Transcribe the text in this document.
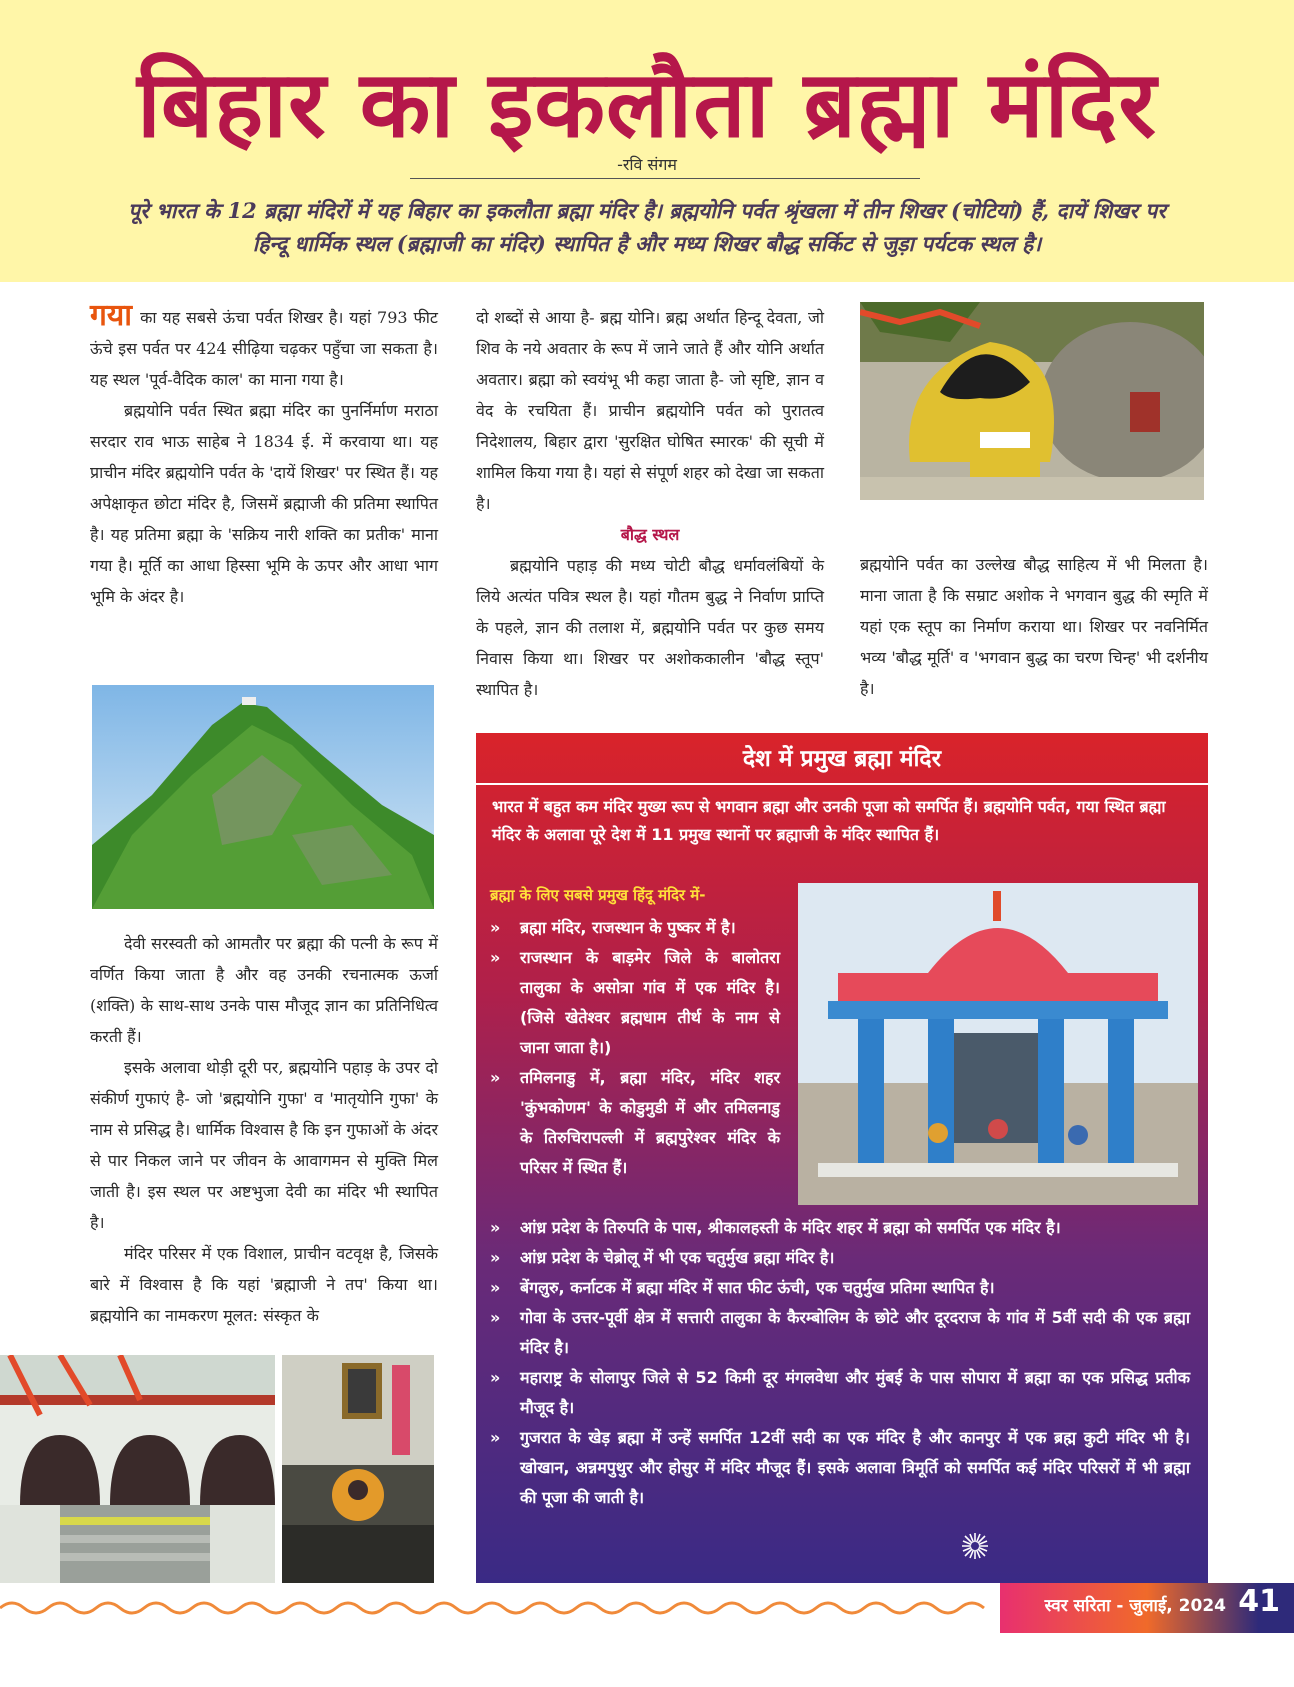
बिहार का इकलौता ब्रह्मा मंदिर
-रवि संगम
पूरे भारत के 12 ब्रह्मा मंदिरों में यह बिहार का इकलौता ब्रह्मा मंदिर है। ब्रह्मयोनि पर्वत श्रृंखला में तीन शिखर (चोटियां) हैं, दायें शिखर पर हिन्दू धार्मिक स्थल (ब्रह्माजी का मंदिर) स्थापित है और मध्य शिखर बौद्ध सर्किट से जुड़ा पर्यटक स्थल है।

गया का यह सबसे ऊंचा पर्वत शिखर है। यहां 793 फीट ऊंचे इस पर्वत पर 424 सीढ़िया चढ़कर पहुँचा जा सकता है। यह स्थल 'पूर्व-वैदिक काल' का माना गया है।

ब्रह्मयोनि पर्वत स्थित ब्रह्मा मंदिर का पुनर्निर्माण मराठा सरदार राव भाऊ साहेब ने 1834 ई. में करवाया था। यह प्राचीन मंदिर ब्रह्मयोनि पर्वत के 'दायें शिखर' पर स्थित हैं। यह अपेक्षाकृत छोटा मंदिर है, जिसमें ब्रह्माजी की प्रतिमा स्थापित है। यह प्रतिमा ब्रह्मा के 'सक्रिय नारी शक्ति का प्रतीक' माना गया है। मूर्ति का आधा हिस्सा भूमि के ऊपर और आधा भाग भूमि के अंदर है।

देवी सरस्वती को आमतौर पर ब्रह्मा की पत्नी के रूप में वर्णित किया जाता है और वह उनकी रचनात्मक ऊर्जा (शक्ति) के साथ-साथ उनके पास मौजूद ज्ञान का प्रतिनिधित्व करती हैं।

इसके अलावा थोड़ी दूरी पर, ब्रह्मयोनि पहाड़ के उपर दो संकीर्ण गुफाएं है- जो 'ब्रह्मयोनि गुफा' व 'मातृयोनि गुफा' के नाम से प्रसिद्ध है। धार्मिक विश्वास है कि इन गुफाओं के अंदर से पार निकल जाने पर जीवन के आवागमन से मुक्ति मिल जाती है। इस स्थल पर अष्टभुजा देवी का मंदिर भी स्थापित है।

मंदिर परिसर में एक विशाल, प्राचीन वटवृक्ष है, जिसके बारे में विश्वास है कि यहां 'ब्रह्माजी ने तप' किया था। ब्रह्मयोनि का नामकरण मूलत: संस्कृत के

दो शब्दों से आया है- ब्रह्म योनि। ब्रह्म अर्थात हिन्दू देवता, जो शिव के नये अवतार के रूप में जाने जाते हैं और योनि अर्थात अवतार। ब्रह्मा को स्वयंभू भी कहा जाता है- जो सृष्टि, ज्ञान व वेद के रचयिता हैं। प्राचीन ब्रह्मयोनि पर्वत को पुरातत्व निदेशालय, बिहार द्वारा 'सुरक्षित घोषित स्मारक' की सूची में शामिल किया गया है। यहां से संपूर्ण शहर को देखा जा सकता है।

बौद्ध स्थल

ब्रह्मयोनि पहाड़ की मध्य चोटी बौद्ध धर्मावलंबियों के लिये अत्यंत पवित्र स्थल है। यहां गौतम बुद्ध ने निर्वाण प्राप्ति के पहले, ज्ञान की तलाश में, ब्रह्मयोनि पर्वत पर कुछ समय निवास किया था। शिखर पर अशोककालीन 'बौद्ध स्तूप' स्थापित है।

ब्रह्मयोनि पर्वत का उल्लेख बौद्ध साहित्य में भी मिलता है। माना जाता है कि सम्राट अशोक ने भगवान बुद्ध की स्मृति में यहां एक स्तूप का निर्माण कराया था। शिखर पर नवनिर्मित भव्य 'बौद्ध मूर्ति' व 'भगवान बुद्ध का चरण चिन्ह' भी दर्शनीय है।

देश में प्रमुख ब्रह्मा मंदिर
भारत में बहुत कम मंदिर मुख्य रूप से भगवान ब्रह्मा और उनकी पूजा को समर्पित हैं। ब्रह्मयोनि पर्वत, गया स्थित ब्रह्मा मंदिर के अलावा पूरे देश में 11 प्रमुख स्थानों पर ब्रह्माजी के मंदिर स्थापित हैं।
ब्रह्मा के लिए सबसे प्रमुख हिंदू मंदिर में-
» ब्रह्मा मंदिर, राजस्थान के पुष्कर में है।
» राजस्थान के बाड़मेर जिले के बालोतरा तालुका के असोत्रा गांव में एक मंदिर है। (जिसे खेतेश्वर ब्रह्मधाम तीर्थ के नाम से जाना जाता है।)
» तमिलनाडु में, ब्रह्मा मंदिर, मंदिर शहर 'कुंभकोणम' के कोडुमुडी में और तमिलनाडु के तिरुचिरापल्ली में ब्रह्मपुरेश्वर मंदिर के परिसर में स्थित हैं।
» आंध्र प्रदेश के तिरुपति के पास, श्रीकालहस्ती के मंदिर शहर में ब्रह्मा को समर्पित एक मंदिर है।
» आंध्र प्रदेश के चेब्रोलू में भी एक चतुर्मुख ब्रह्मा मंदिर है।
» बेंगलुरु, कर्नाटक में ब्रह्मा मंदिर में सात फीट ऊंची, एक चतुर्मुख प्रतिमा स्थापित है।
» गोवा के उत्तर-पूर्वी क्षेत्र में सत्तारी तालुका के कैरम्बोलिम के छोटे और दूरदराज के गांव में 5वीं सदी की एक ब्रह्मा मंदिर है।
» महाराष्ट्र के सोलापुर जिले से 52 किमी दूर मंगलवेधा और मुंबई के पास सोपारा में ब्रह्मा का एक प्रसिद्ध प्रतीक मौजूद है।
» गुजरात के खेड़ ब्रह्मा में उन्हें समर्पित 12वीं सदी का एक मंदिर है और कानपुर में एक ब्रह्म कुटी मंदिर भी है। खोखान, अन्नमपुथुर और होसुर में मंदिर मौजूद हैं। इसके अलावा त्रिमूर्ति को समर्पित कई मंदिर परिसरों में भी ब्रह्मा की पूजा की जाती है।
स्वर सरिता - जुलाई, 2024 41
